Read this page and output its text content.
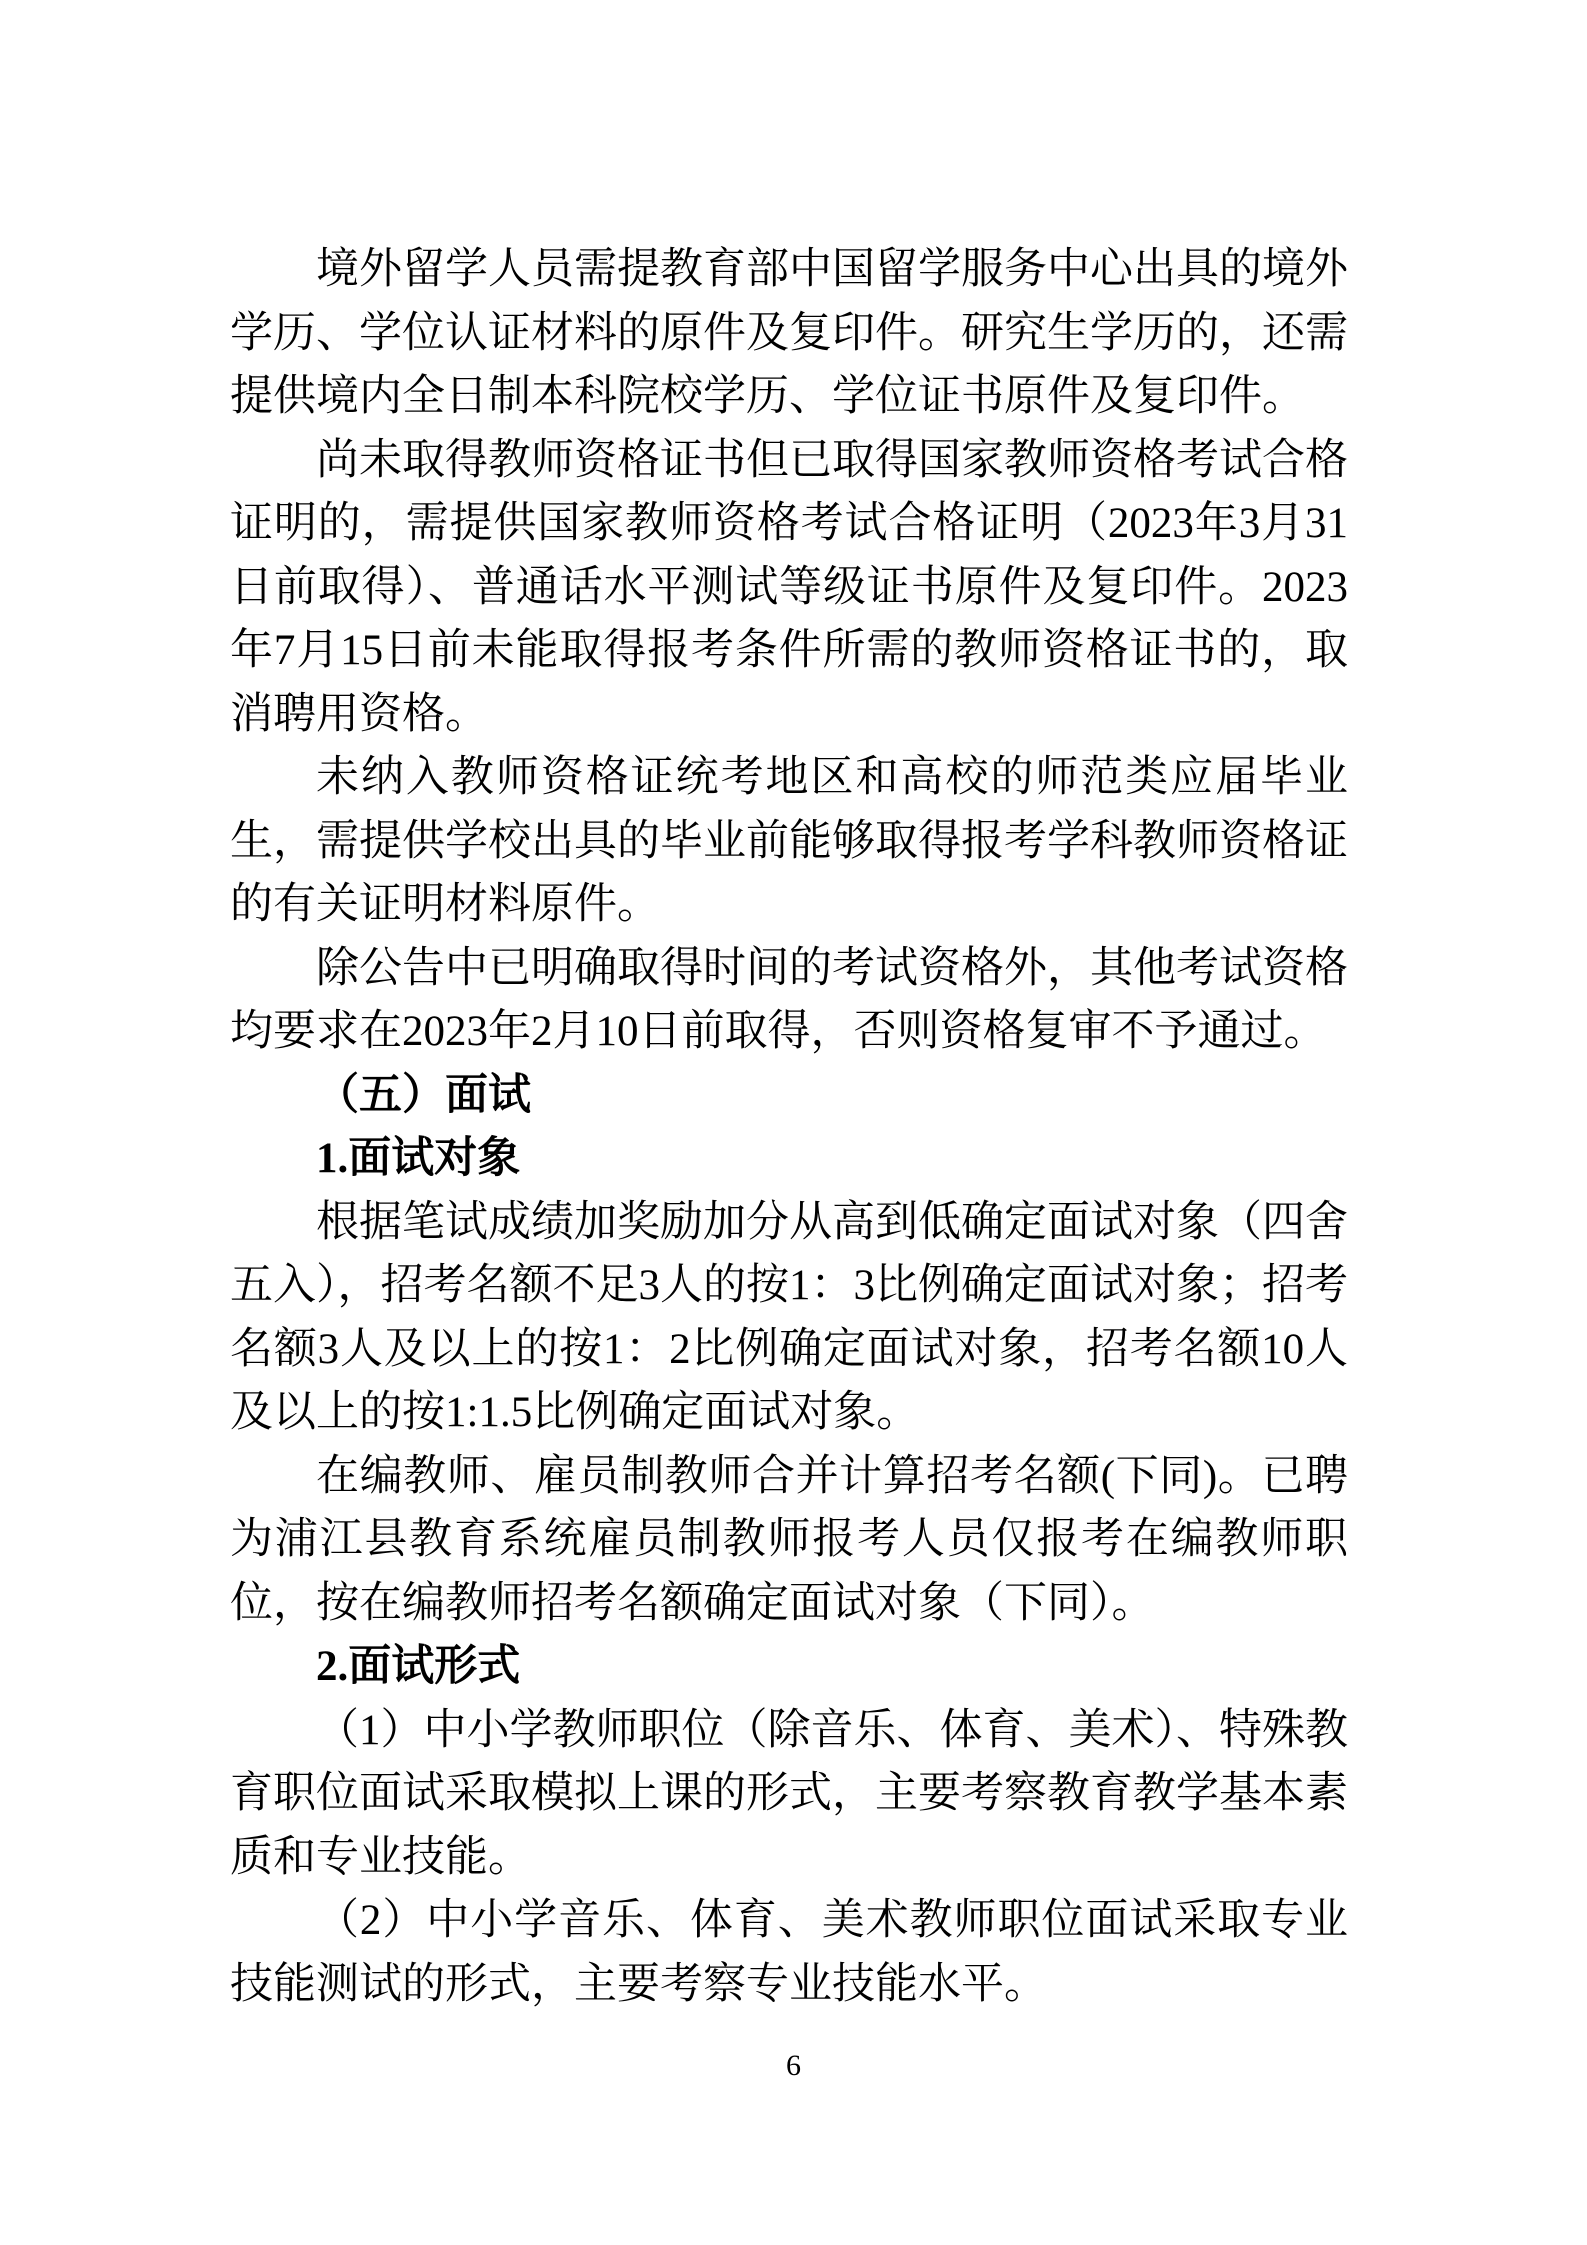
境外留学人员需提教育部中国留学服务中心出具的境外学历、学位认证材料的原件及复印件。研究生学历的，还需提供境内全日制本科院校学历、学位证书原件及复印件。

尚未取得教师资格证书但已取得国家教师资格考试合格证明的，需提供国家教师资格考试合格证明（2023年3月31日前取得）、普通话水平测试等级证书原件及复印件。2023年7月15日前未能取得报考条件所需的教师资格证书的，取消聘用资格。

未纳入教师资格证统考地区和高校的师范类应届毕业生，需提供学校出具的毕业前能够取得报考学科教师资格证的有关证明材料原件。

除公告中已明确取得时间的考试资格外，其他考试资格均要求在2023年2月10日前取得，否则资格复审不予通过。

（五）面试

1.面试对象

根据笔试成绩加奖励加分从高到低确定面试对象（四舍五入），招考名额不足3人的按1：3比例确定面试对象；招考名额3人及以上的按1：2比例确定面试对象，招考名额10人及以上的按1:1.5比例确定面试对象。

在编教师、雇员制教师合并计算招考名额(下同)。已聘为浦江县教育系统雇员制教师报考人员仅报考在编教师职位，按在编教师招考名额确定面试对象（下同）。

2.面试形式

（1）中小学教师职位（除音乐、体育、美术）、特殊教育职位面试采取模拟上课的形式，主要考察教育教学基本素质和专业技能。

（2）中小学音乐、体育、美术教师职位面试采取专业技能测试的形式，主要考察专业技能水平。

6
